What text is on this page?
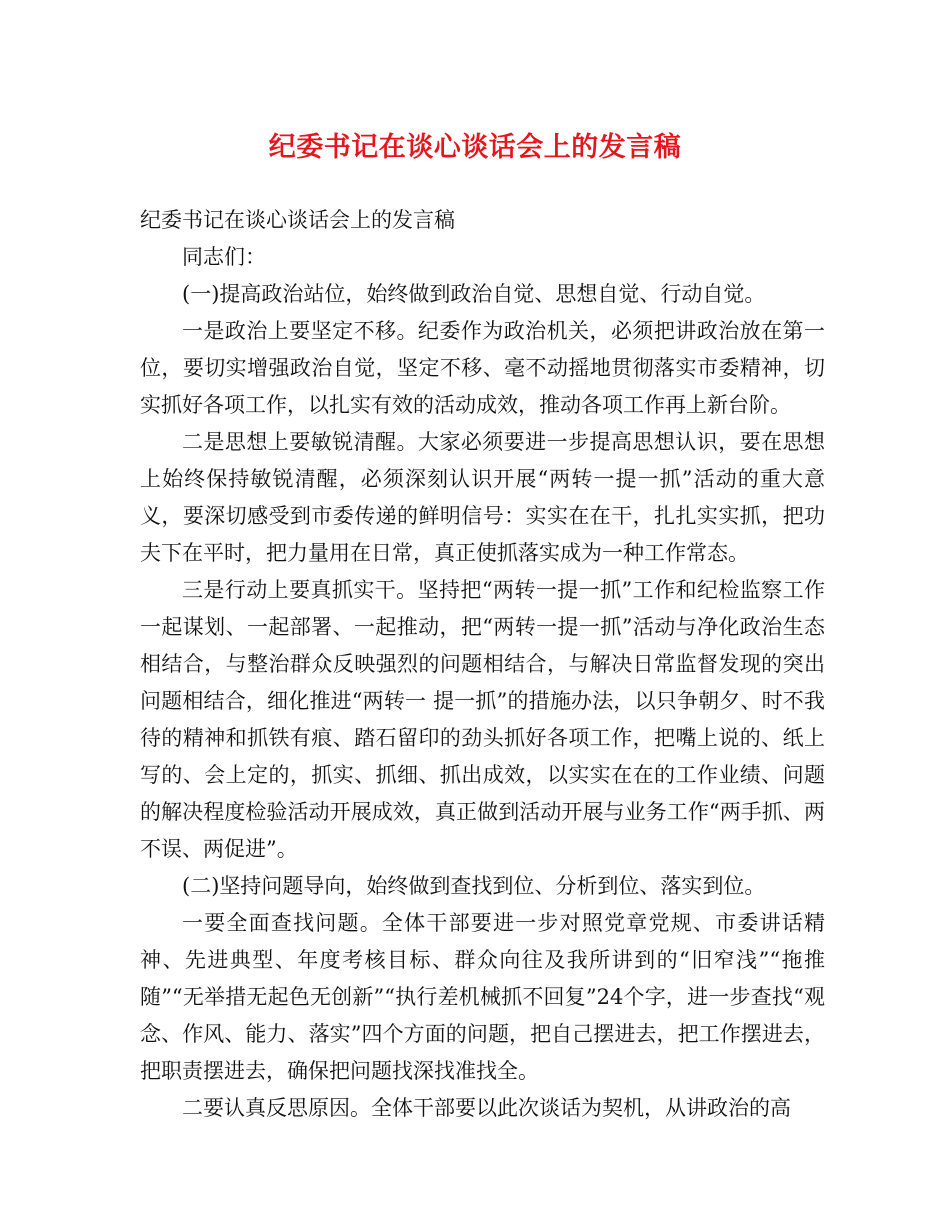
纪委书记在谈心谈话会上的发言稿

纪委书记在谈心谈话会上的发言稿

同志们：

(一)提高政治站位，始终做到政治自觉、思想自觉、行动自觉。

一是政治上要坚定不移。纪委作为政治机关，必须把讲政治放在第一位，要切实增强政治自觉，坚定不移、毫不动摇地贯彻落实市委精神，切实抓好各项工作，以扎实有效的活动成效，推动各项工作再上新台阶。

二是思想上要敏锐清醒。大家必须要进一步提高思想认识，要在思想上始终保持敏锐清醒，必须深刻认识开展“两转一提一抓”活动的重大意义，要深切感受到市委传递的鲜明信号：实实在在干，扎扎实实抓，把功夫下在平时，把力量用在日常，真正使抓落实成为一种工作常态。

三是行动上要真抓实干。坚持把“两转一提一抓”工作和纪检监察工作一起谋划、一起部署、一起推动，把“两转一提一抓”活动与净化政治生态相结合，与整治群众反映强烈的问题相结合，与解决日常监督发现的突出问题相结合，细化推进“两转一 提一抓”的措施办法，以只争朝夕、时不我待的精神和抓铁有痕、踏石留印的劲头抓好各项工作，把嘴上说的、纸上写的、会上定的，抓实、抓细、抓出成效，以实实在在的工作业绩、问题的解决程度检验活动开展成效，真正做到活动开展与业务工作“两手抓、两不误、两促进”。

(二)坚持问题导向，始终做到查找到位、分析到位、落实到位。

一要全面查找问题。全体干部要进一步对照党章党规、市委讲话精神、先进典型、年度考核目标、群众向往及我所讲到的“旧窄浅”“拖推随”“无举措无起色无创新”“执行差机械抓不回复”24个字，进一步查找“观念、作风、能力、落实”四个方面的问题，把自己摆进去，把工作摆进去，把职责摆进去，确保把问题找深找准找全。

二要认真反思原因。全体干部要以此次谈话为契机，从讲政治的高
